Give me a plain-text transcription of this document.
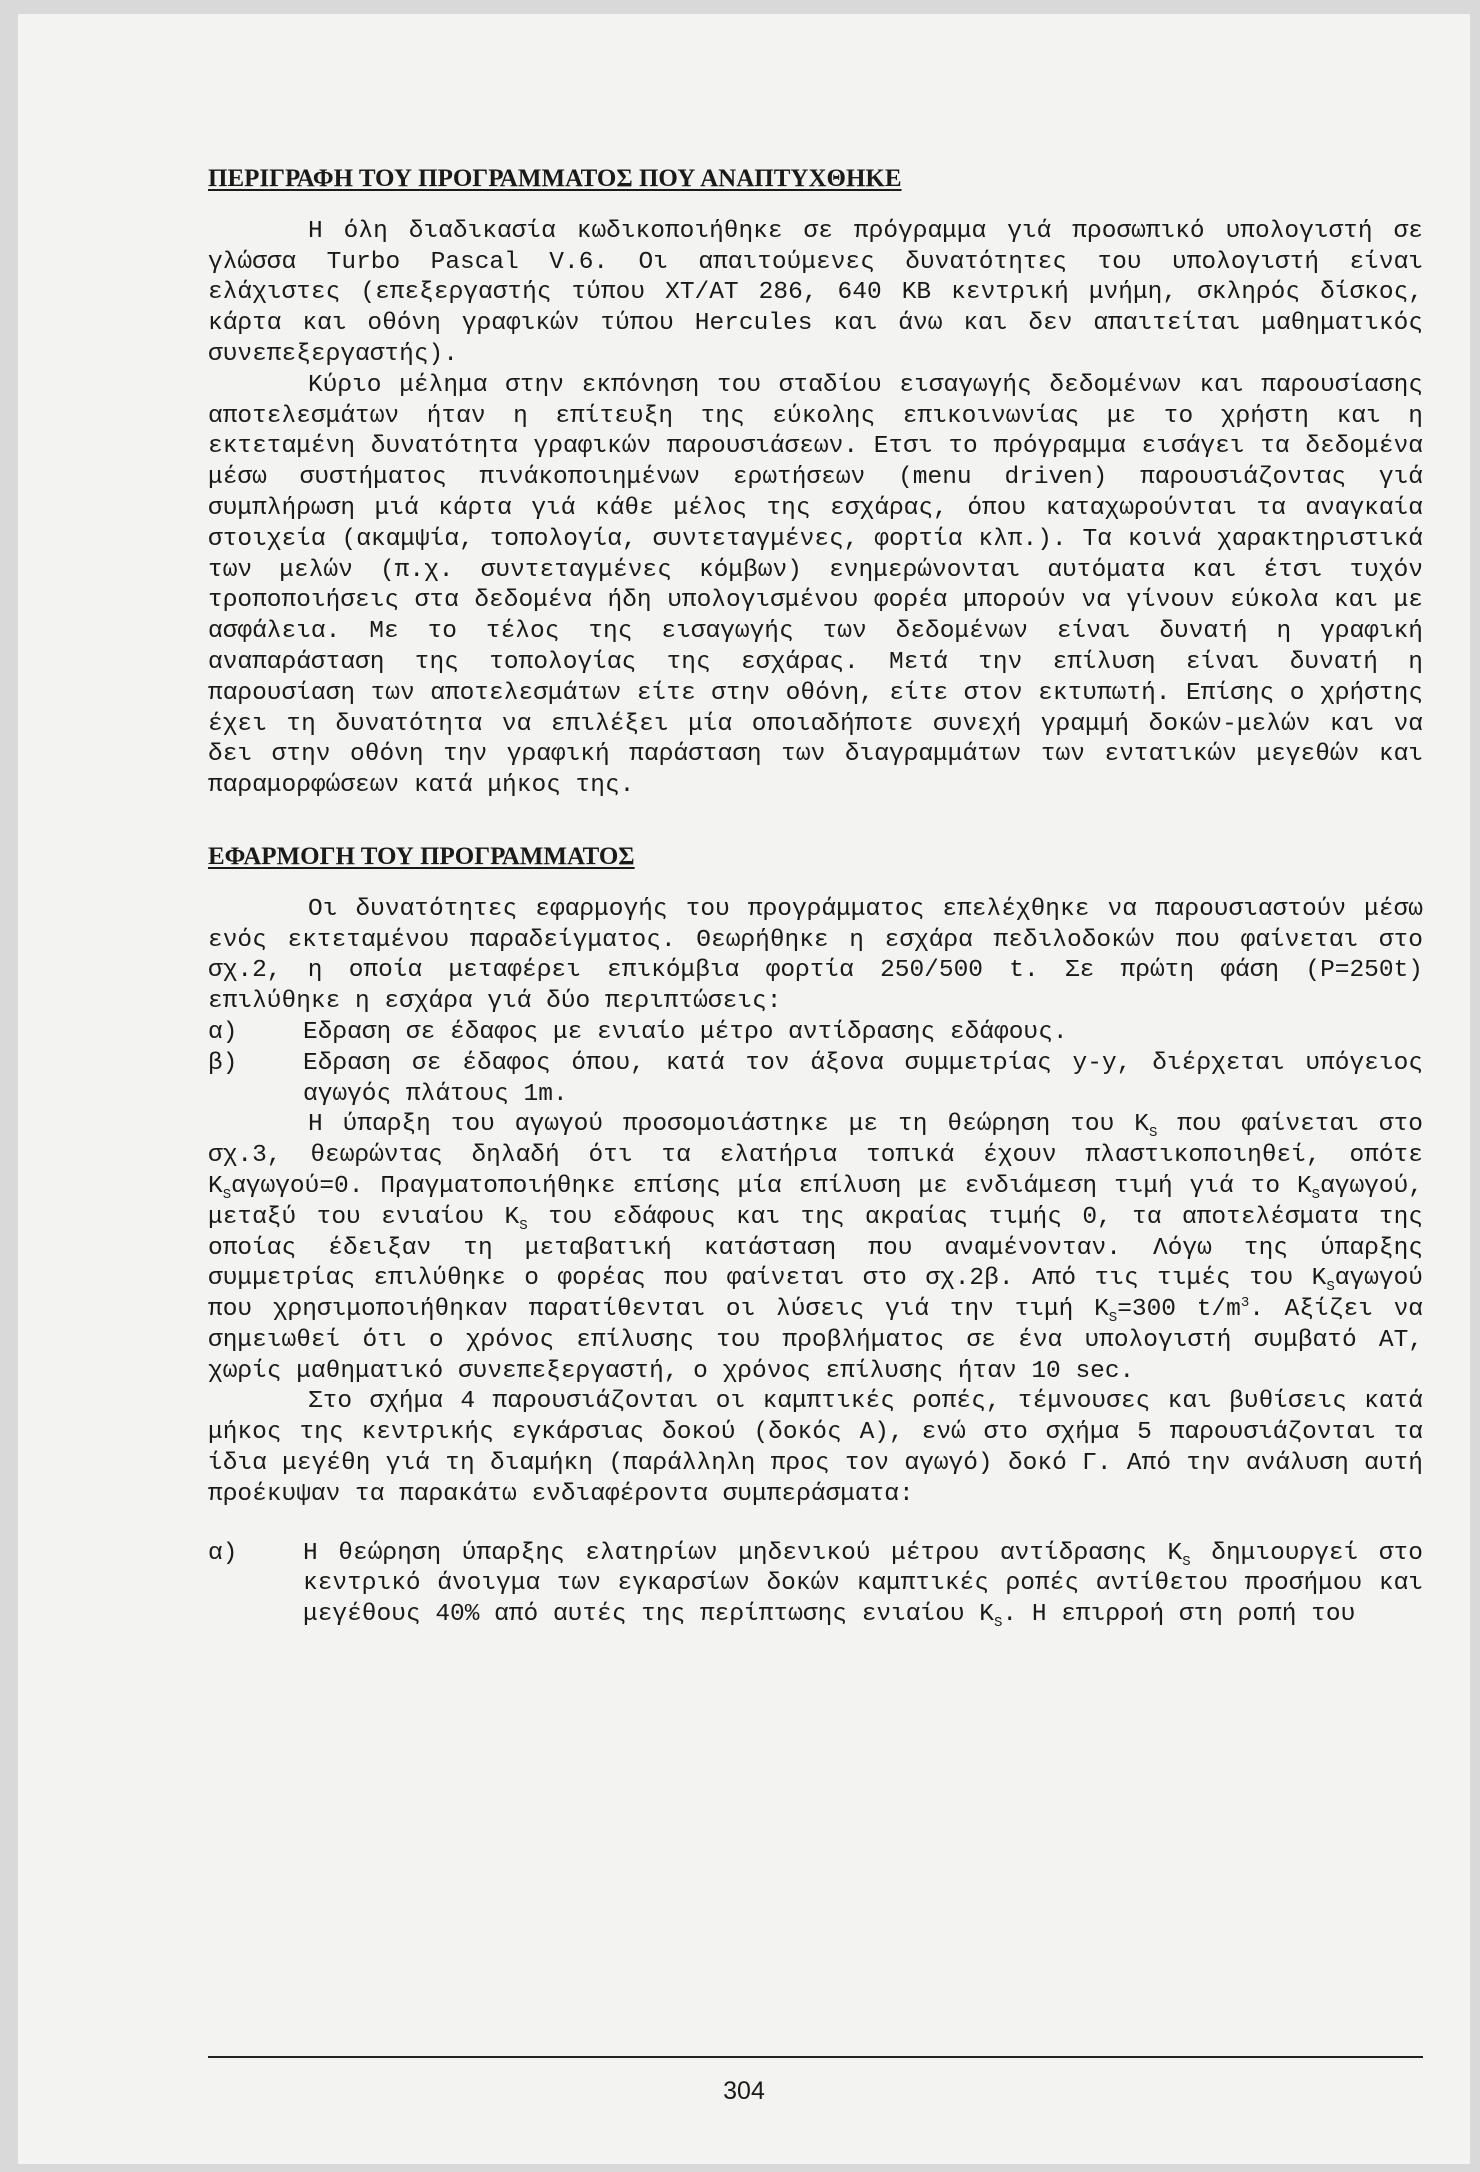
ΠΕΡΙΓΡΑΦΗ ΤΟΥ ΠΡΟΓΡΑΜΜΑΤΟΣ ΠΟΥ ΑΝΑΠΤΥΧΘΗΚΕ

Η όλη διαδικασία κωδικοποιήθηκε σε πρόγραμμα γιά προσωπικό υπολογιστή σε γλώσσα Turbo Pascal V.6. Οι απαιτούμενες δυνατότητες του υπολογιστή είναι ελάχιστες (επεξεργαστής τύπου XT/AT 286, 640 KB κεντρική μνήμη, σκληρός δίσκος, κάρτα και οθόνη γραφικών τύπου Hercules και άνω και δεν απαιτείται μαθηματικός συνεπεξεργαστής).

Κύριο μέλημα στην εκπόνηση του σταδίου εισαγωγής δεδομένων και παρουσίασης αποτελεσμάτων ήταν η επίτευξη της εύκολης επικοινωνίας με το χρήστη και η εκτεταμένη δυνατότητα γραφικών παρουσιάσεων. Ετσι το πρόγραμμα εισάγει τα δεδομένα μέσω συστήματος πινάκοποιημένων ερωτήσεων (menu driven) παρουσιάζοντας γιά συμπλήρωση μιά κάρτα γιά κάθε μέλος της εσχάρας, όπου καταχωρούνται τα αναγκαία στοιχεία (ακαμψία, τοπολογία, συντεταγμένες, φορτία κλπ.). Τα κοινά χαρακτηριστικά των μελών (π.χ. συντεταγμένες κόμβων) ενημερώνονται αυτόματα και έτσι τυχόν τροποποιήσεις στα δεδομένα ήδη υπολογισμένου φορέα μπορούν να γίνουν εύκολα και με ασφάλεια. Με το τέλος της εισαγωγής των δεδομένων είναι δυνατή η γραφική αναπαράσταση της τοπολογίας της εσχάρας. Μετά την επίλυση είναι δυνατή η παρουσίαση των αποτελεσμάτων είτε στην οθόνη, είτε στον εκτυπωτή. Επίσης ο χρήστης έχει τη δυνατότητα να επιλέξει μία οποιαδήποτε συνεχή γραμμή δοκών-μελών και να δει στην οθόνη την γραφική παράσταση των διαγραμμάτων των εντατικών μεγεθών και παραμορφώσεων κατά μήκος της.

ΕΦΑΡΜΟΓΗ ΤΟΥ ΠΡΟΓΡΑΜΜΑΤΟΣ

Οι δυνατότητες εφαρμογής του προγράμματος επελέχθηκε να παρουσιαστούν μέσω ενός εκτεταμένου παραδείγματος. Θεωρήθηκε η εσχάρα πεδιλοδοκών που φαίνεται στο σχ.2, η οποία μεταφέρει επικόμβια φορτία 250/500 t. Σε πρώτη φάση (P=250t) επιλύθηκε η εσχάρα γιά δύο περιπτώσεις:

α)	Εδραση σε έδαφος με ενιαίο μέτρο αντίδρασης εδάφους.
β)	Εδραση σε έδαφος όπου, κατά τον άξονα συμμετρίας y-y, διέρχεται υπόγειος αγωγός πλάτους 1m.

Η ύπαρξη του αγωγού προσομοιάστηκε με τη θεώρηση του $K_S$ που φαίνεται στο σχ.3, θεωρώντας δηλαδή ότι τα ελατήρια τοπικά έχουν πλαστικοποιηθεί, οπότε $K_S\alpha\gamma\omega\gamma oύ=0$. Πραγματοποιήθηκε επίσης μία επίλυση με ενδιάμεση τιμή γιά το $K_S\alpha\gamma\omega\gamma oύ$, μεταξύ του ενιαίου $K_S$ του εδάφους και της ακραίας τιμής 0, τα αποτελέσματα της οποίας έδειξαν τη μεταβατική κατάσταση που αναμένονταν. Λόγω της ύπαρξης συμμετρίας επιλύθηκε ο φορέας που φαίνεται στο σχ.2β. Από τις τιμές του $K_S\alpha\gamma\omega\gamma oύ$ που χρησιμοποιήθηκαν παρατίθενται οι λύσεις γιά την τιμή $K_S=300$ $t/m^3$. Αξίζει να σημειωθεί ότι ο χρόνος επίλυσης του προβλήματος σε ένα υπολογιστή συμβατό AT, χωρίς μαθηματικό συνεπεξεργαστή, ο χρόνος επίλυσης ήταν 10 sec.

Στο σχήμα 4 παρουσιάζονται οι καμπτικές ροπές, τέμνουσες και βυθίσεις κατά μήκος της κεντρικής εγκάρσιας δοκού (δοκός A), ενώ στο σχήμα 5 παρουσιάζονται τα ίδια μεγέθη γιά τη διαμήκη (παράλληλη προς τον αγωγό) δοκό Γ. Από την ανάλυση αυτή προέκυψαν τα παρακάτω ενδιαφέροντα συμπεράσματα:

α)	Η θεώρηση ύπαρξης ελατηρίων μηδενικού μέτρου αντίδρασης $K_S$ δημιουργεί στο κεντρικό άνοιγμα των εγκαρσίων δοκών καμπτικές ροπές αντίθετου προσήμου και μεγέθους 40% από αυτές της περίπτωσης ενιαίου $K_S$. Η επιρροή στη ροπή του
304
